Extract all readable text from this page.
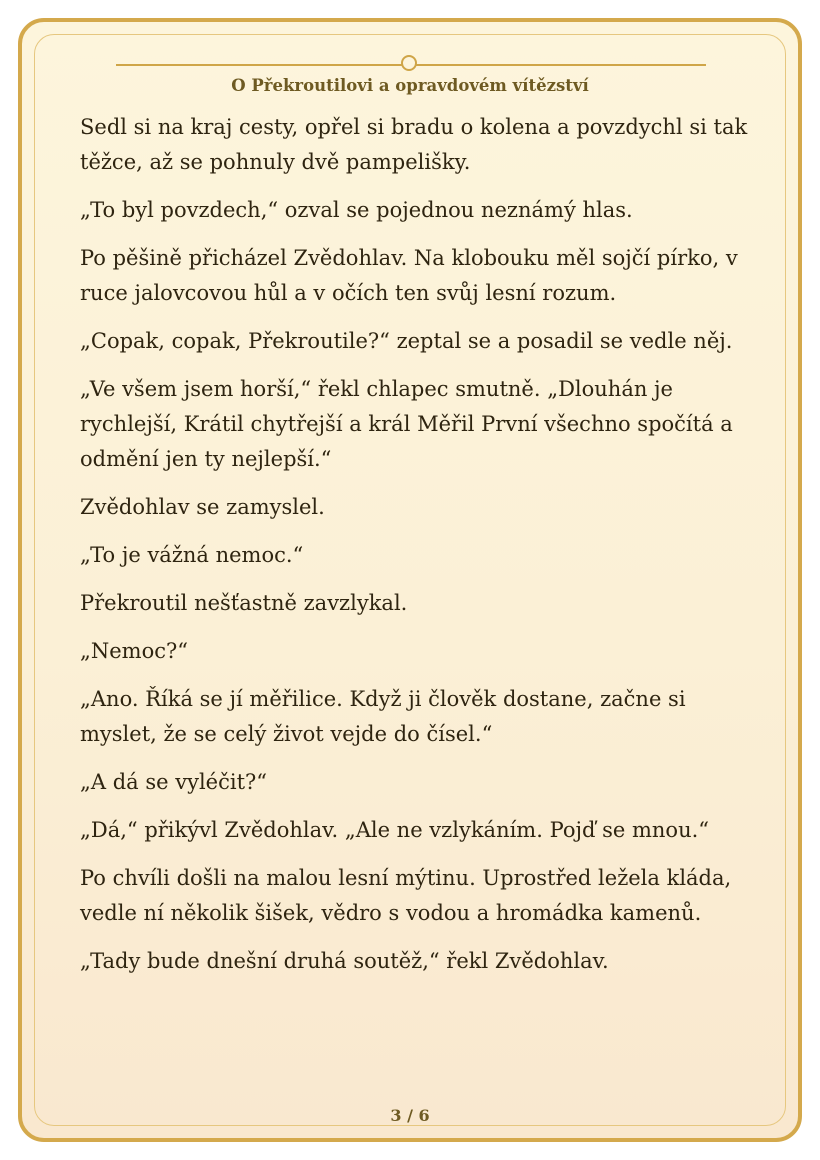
O Překroutilovi a opravdovém vítězství

Sedl si na kraj cesty, opřel si bradu o kolena a povzdychl si tak těžce, až se pohnuly dvě pampelišky.

„To byl povzdech,“ ozval se pojednou neznámý hlas.

Po pěšině přicházel Zvědohlav. Na klobouku měl sojčí pírko, v ruce jalovcovou hůl a v očích ten svůj lesní rozum.

„Copak, copak, Překroutile?“ zeptal se a posadil se vedle něj.

„Ve všem jsem horší,“ řekl chlapec smutně. „Dlouhán je rychlejší, Krátil chytřejší a král Měřil První všechno spočítá a odmění jen ty nejlepší.“

Zvědohlav se zamyslel.

„To je vážná nemoc.“

Překroutil nešťastně zavzlykal.

„Nemoc?“

„Ano. Říká se jí měřilice. Když ji člověk dostane, začne si myslet, že se celý život vejde do čísel.“

„A dá se vyléčit?“

„Dá,“ přikývl Zvědohlav. „Ale ne vzlykáním. Pojď se mnou.“

Po chvíli došli na malou lesní mýtinu. Uprostřed ležela kláda, vedle ní několik šišek, vědro s vodou a hromádka kamenů.

„Tady bude dnešní druhá soutěž,“ řekl Zvědohlav.

3 / 6
